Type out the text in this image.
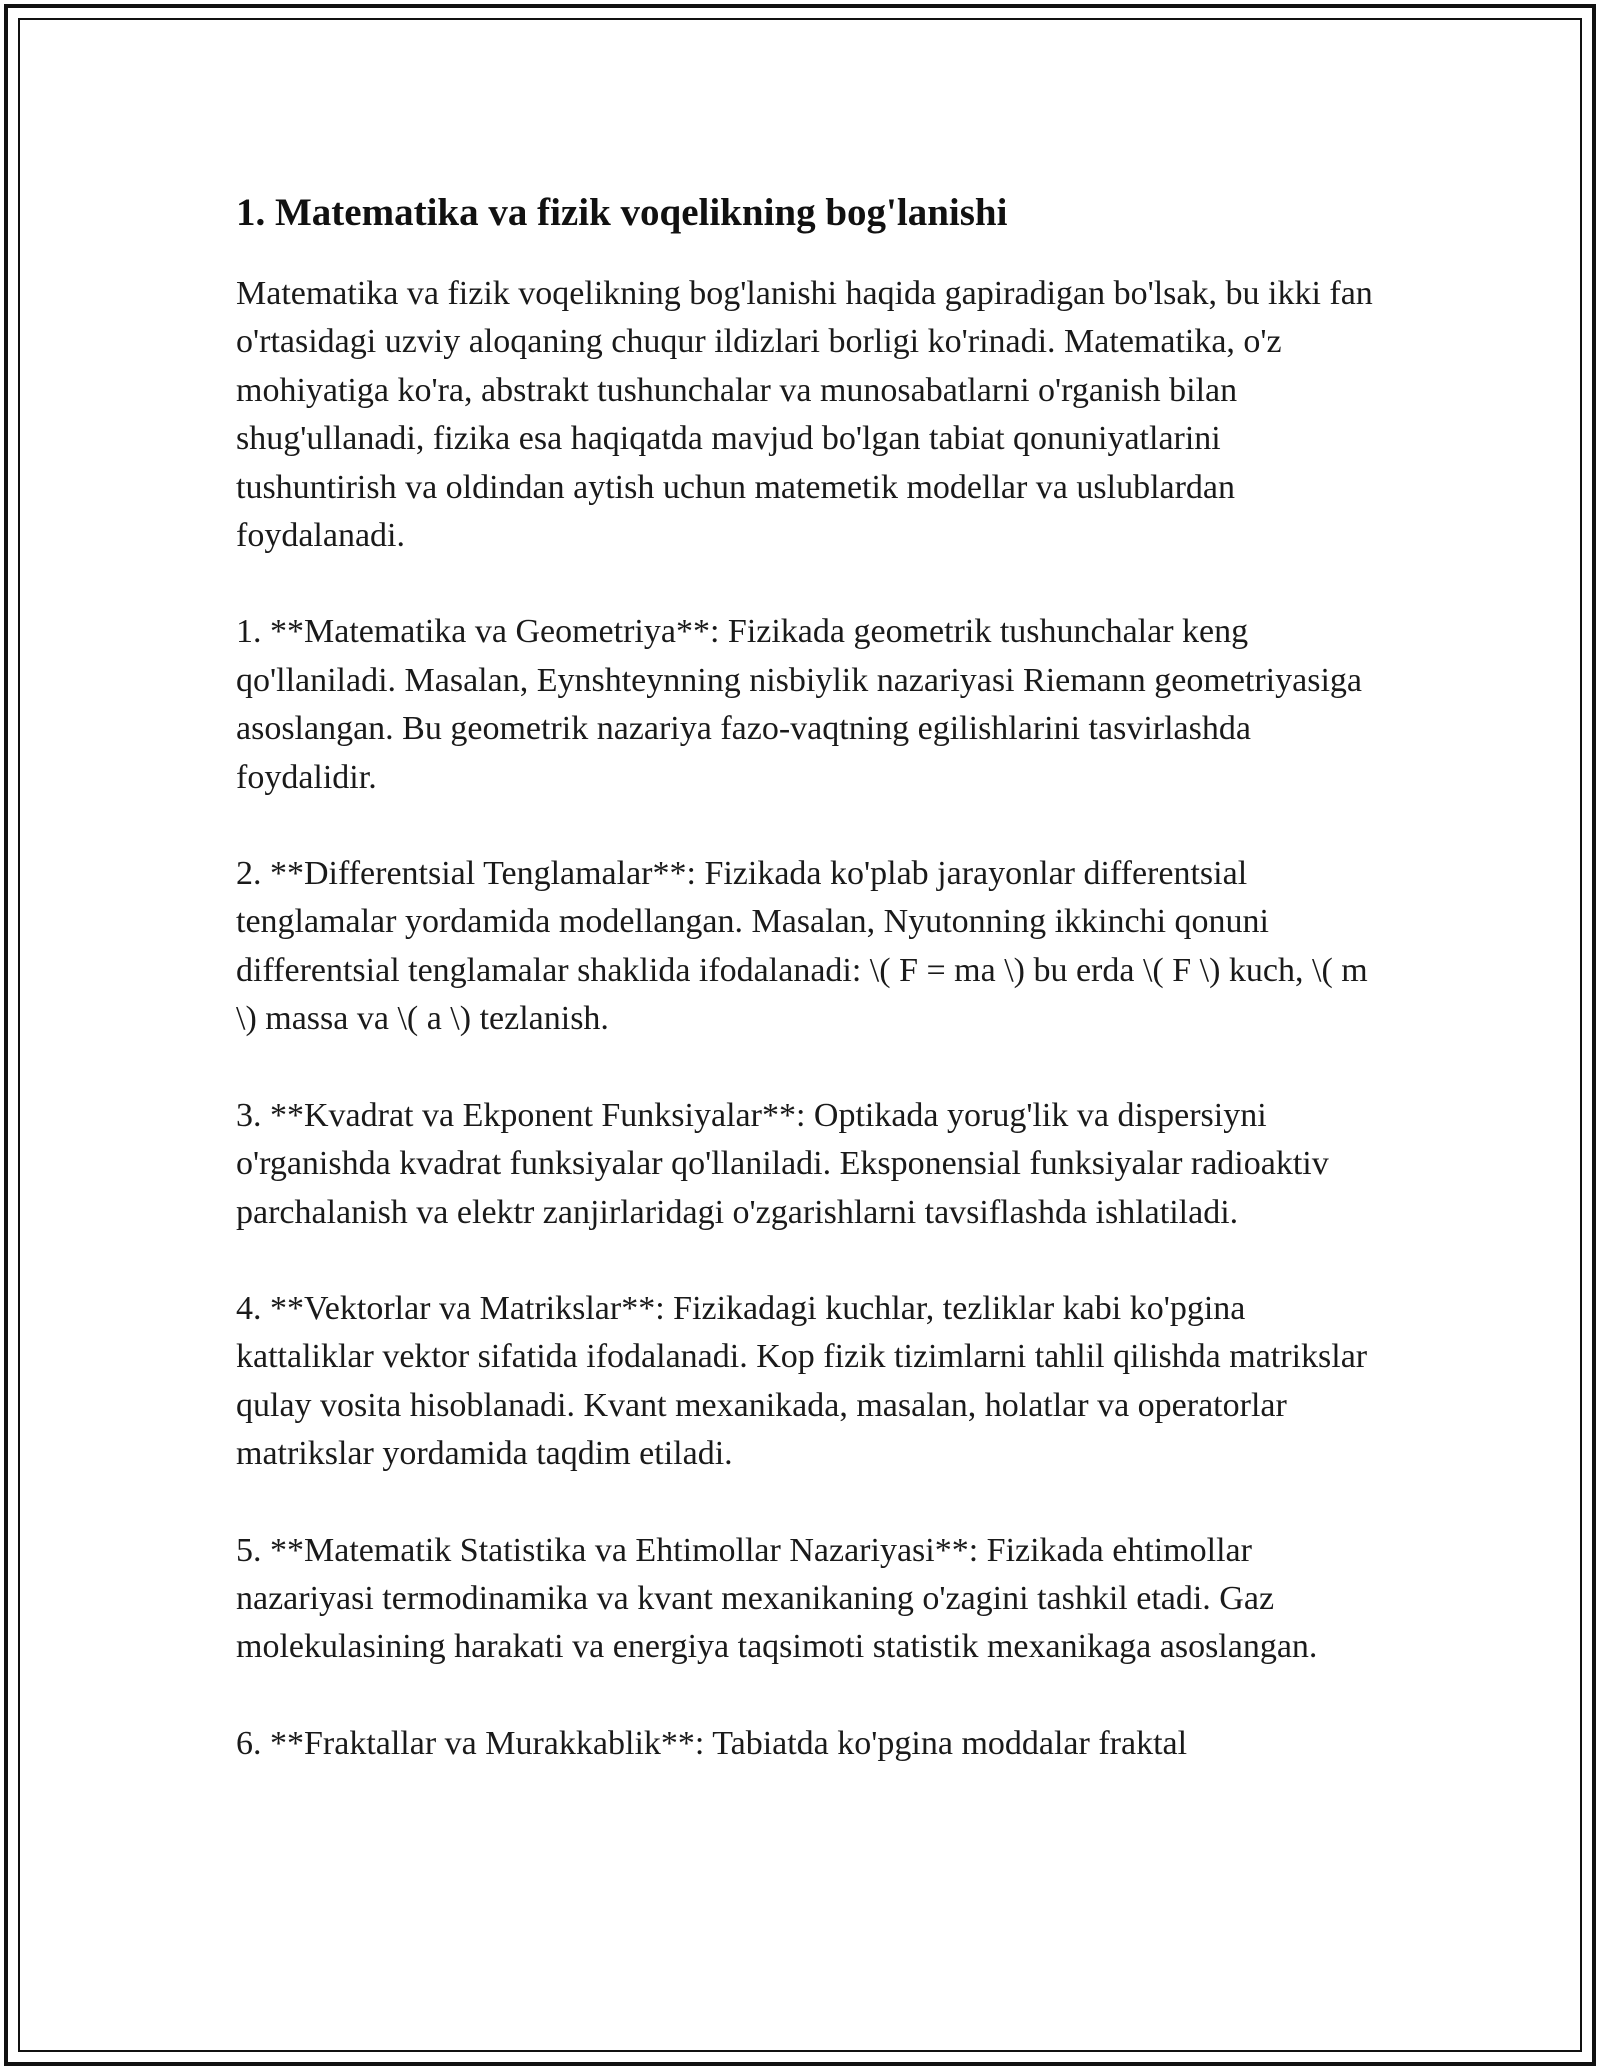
1. Matematika va fizik voqelikning bog'lanishi

Matematika va fizik voqelikning bog'lanishi haqida gapiradigan bo'lsak, bu ikki fan o'rtasidagi uzviy aloqaning chuqur ildizlari borligi ko'rinadi. Matematika, o'z mohiyatiga ko'ra, abstrakt tushunchalar va munosabatlarni o'rganish bilan shug'ullanadi, fizika esa haqiqatda mavjud bo'lgan tabiat qonuniyatlarini tushuntirish va oldindan aytish uchun matemetik modellar va uslublardan foydalanadi.

1. **Matematika va Geometriya**: Fizikada geometrik tushunchalar keng qo'llaniladi. Masalan, Eynshteynning nisbiylik nazariyasi Riemann geometriyasiga asoslangan. Bu geometrik nazariya fazo-vaqtning egilishlarini tasvirlashda foydalidir.

2. **Differentsial Tenglamalar**: Fizikada ko'plab jarayonlar differentsial tenglamalar yordamida modellangan. Masalan, Nyutonning ikkinchi qonuni differentsial tenglamalar shaklida ifodalanadi: \( F = ma \) bu erda \( F \) kuch, \( m \) massa va \( a \) tezlanish.

3. **Kvadrat va Ekponent Funksiyalar**: Optikada yorug'lik va dispersiyni o'rganishda kvadrat funksiyalar qo'llaniladi. Eksponensial funksiyalar radioaktiv parchalanish va elektr zanjirlaridagi o'zgarishlarni tavsiflashda ishlatiladi.

4. **Vektorlar va Matrikslar**: Fizikadagi kuchlar, tezliklar kabi ko'pgina kattaliklar vektor sifatida ifodalanadi. Kop fizik tizimlarni tahlil qilishda matrikslar qulay vosita hisoblanadi. Kvant mexanikada, masalan, holatlar va operatorlar matrikslar yordamida taqdim etiladi.

5. **Matematik Statistika va Ehtimollar Nazariyasi**: Fizikada ehtimollar nazariyasi termodinamika va kvant mexanikaning o'zagini tashkil etadi. Gaz molekulasining harakati va energiya taqsimoti statistik mexanikaga asoslangan.

6. **Fraktallar va Murakkablik**: Tabiatda ko'pgina moddalar fraktal
